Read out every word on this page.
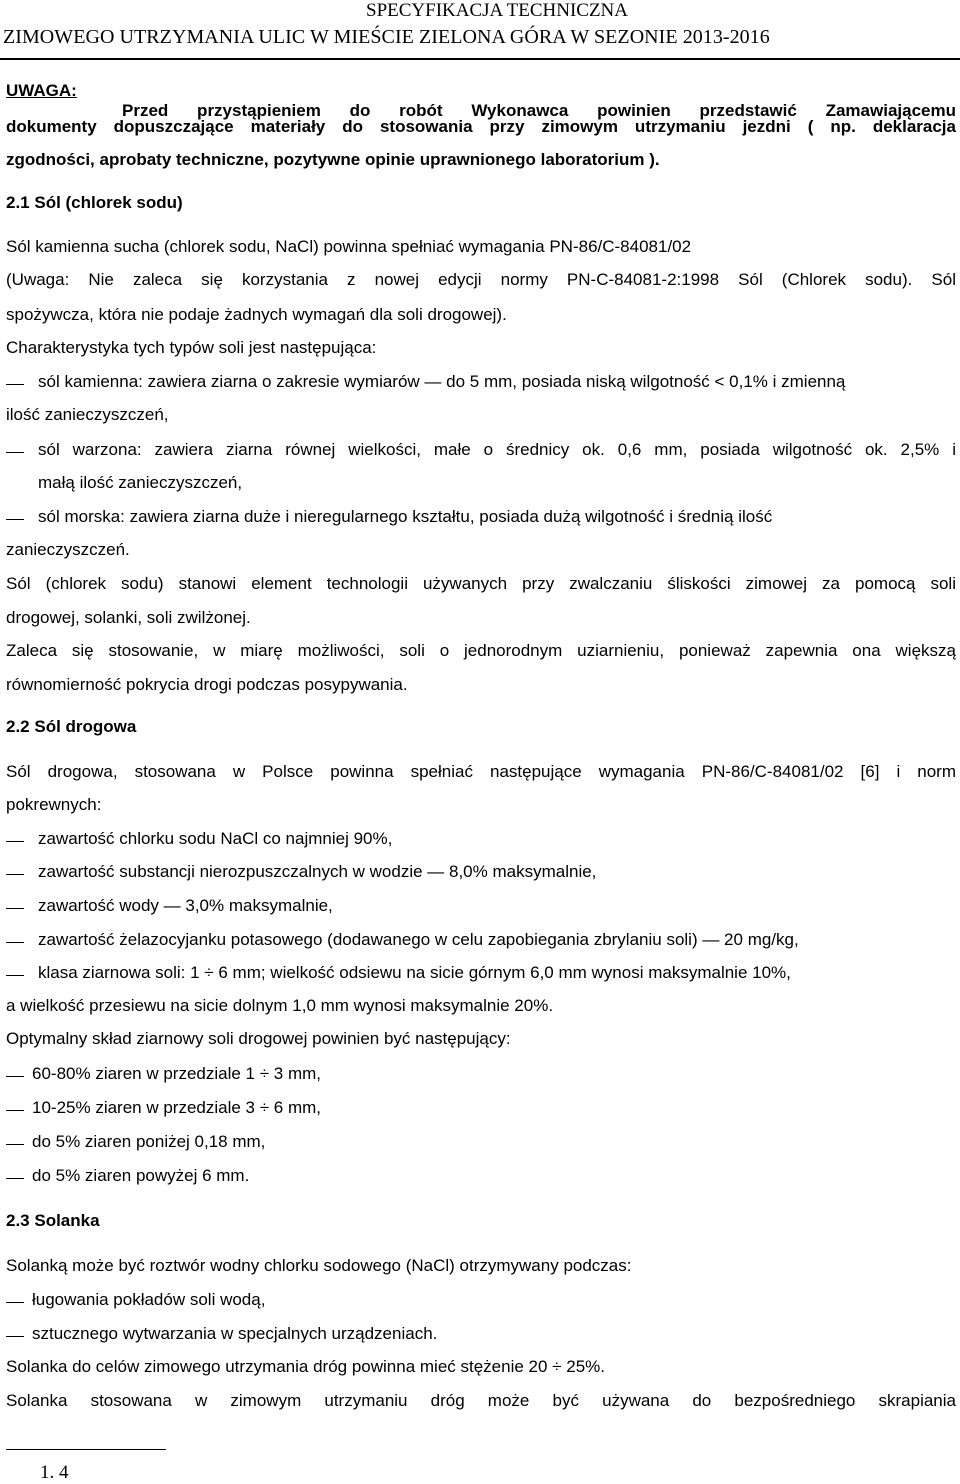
SPECYFIKACJA TECHNICZNA
ZIMOWEGO UTRZYMANIA ULIC W MIEŚCIE ZIELONA GÓRA W SEZONIE 2013-2016
UWAGA:
Przed przystąpieniem do robót Wykonawca powinien przedstawić Zamawiającemu
dokumenty dopuszczające materiały do stosowania przy zimowym utrzymaniu jezdni ( np. deklaracja
zgodności, aprobaty techniczne, pozytywne opinie uprawnionego laboratorium ).
2.1 Sól (chlorek sodu)
Sól kamienna sucha (chlorek sodu, NaCl) powinna spełniać wymagania PN-86/C-84081/02
(Uwaga: Nie zaleca się korzystania z nowej edycji normy PN-C-84081-2:1998 Sól (Chlorek sodu). Sól
spożywcza, która nie podaje żadnych wymagań dla soli drogowej).
Charakterystyka tych typów soli jest następująca:
sól kamienna: zawiera ziarna o zakresie wymiarów — do 5 mm, posiada niską wilgotność < 0,1% i zmienną
ilość zanieczyszczeń,
sól warzona: zawiera ziarna równej wielkości, małe o średnicy ok. 0,6 mm, posiada wilgotność ok. 2,5% i
małą ilość zanieczyszczeń,
sól morska: zawiera ziarna duże i nieregularnego kształtu, posiada dużą wilgotność i średnią ilość
zanieczyszczeń.
Sól (chlorek sodu) stanowi element technologii używanych przy zwalczaniu śliskości zimowej za pomocą soli
drogowej, solanki, soli zwilżonej.
Zaleca się stosowanie, w miarę możliwości, soli o jednorodnym uziarnieniu, ponieważ zapewnia ona większą
równomierność pokrycia drogi podczas posypywania.
2.2 Sól drogowa
Sól drogowa, stosowana w Polsce powinna spełniać następujące wymagania PN-86/C-84081/02 [6] i norm
pokrewnych:
zawartość chlorku sodu NaCl co najmniej 90%,
zawartość substancji nierozpuszczalnych w wodzie — 8,0% maksymalnie,
zawartość wody — 3,0% maksymalnie,
zawartość żelazocyjanku potasowego (dodawanego w celu zapobiegania zbrylaniu soli) — 20 mg/kg,
klasa ziarnowa soli: 1 ÷ 6 mm; wielkość odsiewu na sicie górnym 6,0 mm wynosi maksymalnie 10%,
a wielkość przesiewu na sicie dolnym 1,0 mm wynosi maksymalnie 20%.
Optymalny skład ziarnowy soli drogowej powinien być następujący:
60-80% ziaren w przedziale 1 ÷ 3 mm,
10-25% ziaren w przedziale 3 ÷ 6 mm,
do 5% ziaren poniżej 0,18 mm,
do 5% ziaren powyżej 6 mm.
2.3 Solanka
Solanką może być roztwór wodny chlorku sodowego (NaCl) otrzymywany podczas:
ługowania pokładów soli wodą,
sztucznego wytwarzania w specjalnych urządzeniach.
Solanka do celów zimowego utrzymania dróg powinna mieć stężenie 20 ÷ 25%.
Solanka stosowana w zimowym utrzymaniu dróg może być używana do bezpośredniego skrapiania
1. 4
